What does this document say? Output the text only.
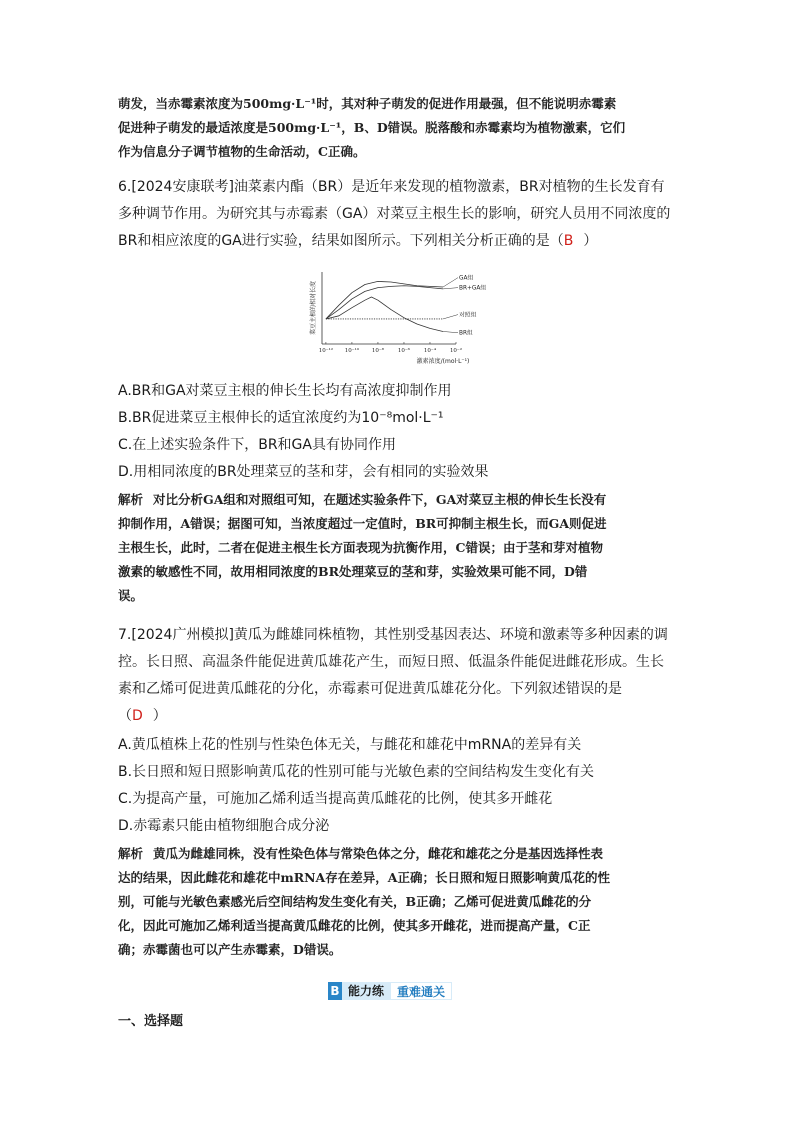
萌发，当赤霉素浓度为500mg·L⁻¹时，其对种子萌发的促进作用最强，但不能说明赤霉素
促进种子萌发的最适浓度是500mg·L⁻¹，B、D错误。脱落酸和赤霉素均为植物激素，它们
作为信息分子调节植物的生命活动，C正确。
6.[2024安康联考]油菜素内酯（BR）是近年来发现的植物激素，BR对植物的生长发育有
多种调节作用。为研究其与赤霉素（GA）对菜豆主根生长的影响，研究人员用不同浓度的
BR和相应浓度的GA进行实验，结果如图所示。下列相关分析正确的是（B ）
10⁻¹² 10⁻¹⁰ 10⁻⁸	10⁻⁶	10⁻⁴	10⁻²
激素浓度/(mol·L⁻¹)
菜豆主根的相对长度
GA组
BR+GA组
对照组
BR组
A.BR和GA对菜豆主根的伸长生长均有高浓度抑制作用
B.BR促进菜豆主根伸长的适宜浓度约为10⁻⁸mol·L⁻¹
C.在上述实验条件下，BR和GA具有协同作用
D.用相同浓度的BR处理菜豆的茎和芽，会有相同的实验效果
解析 对比分析GA组和对照组可知，在题述实验条件下，GA对菜豆主根的伸长生长没有
抑制作用，A错误；据图可知，当浓度超过一定值时，BR可抑制主根生长，而GA则促进
主根生长，此时，二者在促进主根生长方面表现为抗衡作用，C错误；由于茎和芽对植物
激素的敏感性不同，故用相同浓度的BR处理菜豆的茎和芽，实验效果可能不同，D错
误。
7.[2024广州模拟]黄瓜为雌雄同株植物，其性别受基因表达、环境和激素等多种因素的调
控。长日照、高温条件能促进黄瓜雄花产生，而短日照、低温条件能促进雌花形成。生长
素和乙烯可促进黄瓜雌花的分化，赤霉素可促进黄瓜雄花分化。下列叙述错误的是
（D ）
A.黄瓜植株上花的性别与性染色体无关，与雌花和雄花中mRNA的差异有关
B.长日照和短日照影响黄瓜花的性别可能与光敏色素的空间结构发生变化有关
C.为提高产量，可施加乙烯利适当提高黄瓜雌花的比例，使其多开雌花
D.赤霉素只能由植物细胞合成分泌
解析 黄瓜为雌雄同株，没有性染色体与常染色体之分，雌花和雄花之分是基因选择性表
达的结果，因此雌花和雄花中mRNA存在差异，A正确；长日照和短日照影响黄瓜花的性
别，可能与光敏色素感光后空间结构发生变化有关，B正确；乙烯可促进黄瓜雌花的分
化，因此可施加乙烯利适当提高黄瓜雌花的比例，使其多开雌花，进而提高产量，C正
确；赤霉菌也可以产生赤霉素，D错误。
B 能力练	重难通关
一、选择题
